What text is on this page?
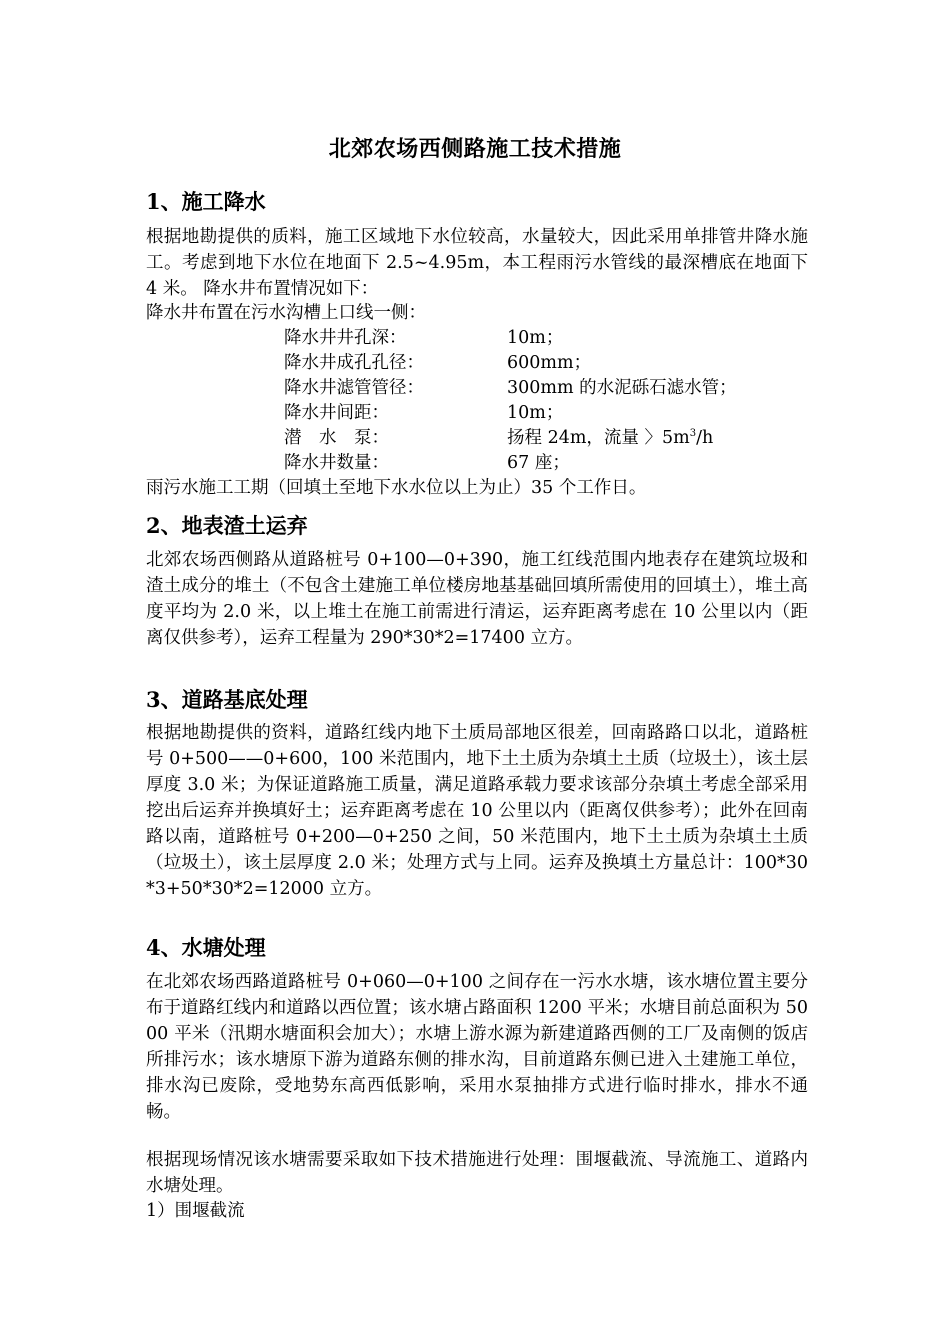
北郊农场西侧路施工技术措施
1、施工降水

根据地勘提供的质料，施工区域地下水位较高，水量较大，因此采用单排管井降水施工。考虑到地下水位在地面下 2.5~4.95m，本工程雨污水管线的最深槽底在地面下 4 米。 降水井布置情况如下：

降水井布置在污水沟槽上口线一侧：
降水井井孔深：	10m；
降水井成孔孔径：	600mm；
降水井滤管管径：	300mm 的水泥砾石滤水管；
降水井间距：	10m；
潜　水　泵：	扬程 24m，流量 〉$5m^3/h$
降水井数量：	67 座；
雨污水施工工期（回填土至地下水水位以上为止）35 个工作日。
2、地表渣土运弃

北郊农场西侧路从道路桩号 0+100—0+390，施工红线范围内地表存在建筑垃圾和渣土成分的堆土（不包含土建施工单位楼房地基基础回填所需使用的回填土），堆土高度平均为 2.0 米，以上堆土在施工前需进行清运，运弃距离考虑在 10 公里以内（距离仅供参考），运弃工程量为 290*30*2=17400 立方。

3、道路基底处理

根据地勘提供的资料，道路红线内地下土质局部地区很差，回南路路口以北，道路桩号 0+500——0+600，100 米范围内，地下土土质为杂填土土质（垃圾土），该土层厚度 3.0 米；为保证道路施工质量，满足道路承载力要求该部分杂填土考虑全部采用挖出后运弃并换填好土；运弃距离考虑在 10 公里以内（距离仅供参考）；此外在回南路以南，道路桩号 0+200—0+250 之间，50 米范围内，地下土土质为杂填土土质（垃圾土），该土层厚度 2.0 米；处理方式与上同。运弃及换填土方量总计：100*30*3+50*30*2=12000 立方。

4、水塘处理

在北郊农场西路道路桩号 0+060—0+100 之间存在一污水水塘，该水塘位置主要分布于道路红线内和道路以西位置；该水塘占路面积 1200 平米；水塘目前总面积为 5000 平米（汛期水塘面积会加大）；水塘上游水源为新建道路西侧的工厂及南侧的饭店所排污水；该水塘原下游为道路东侧的排水沟，目前道路东侧已进入土建施工单位，排水沟已废除，受地势东高西低影响，采用水泵抽排方式进行临时排水，排水不通畅。

根据现场情况该水塘需要采取如下技术措施进行处理：围堰截流、导流施工、道路内水塘处理。

1）围堰截流
